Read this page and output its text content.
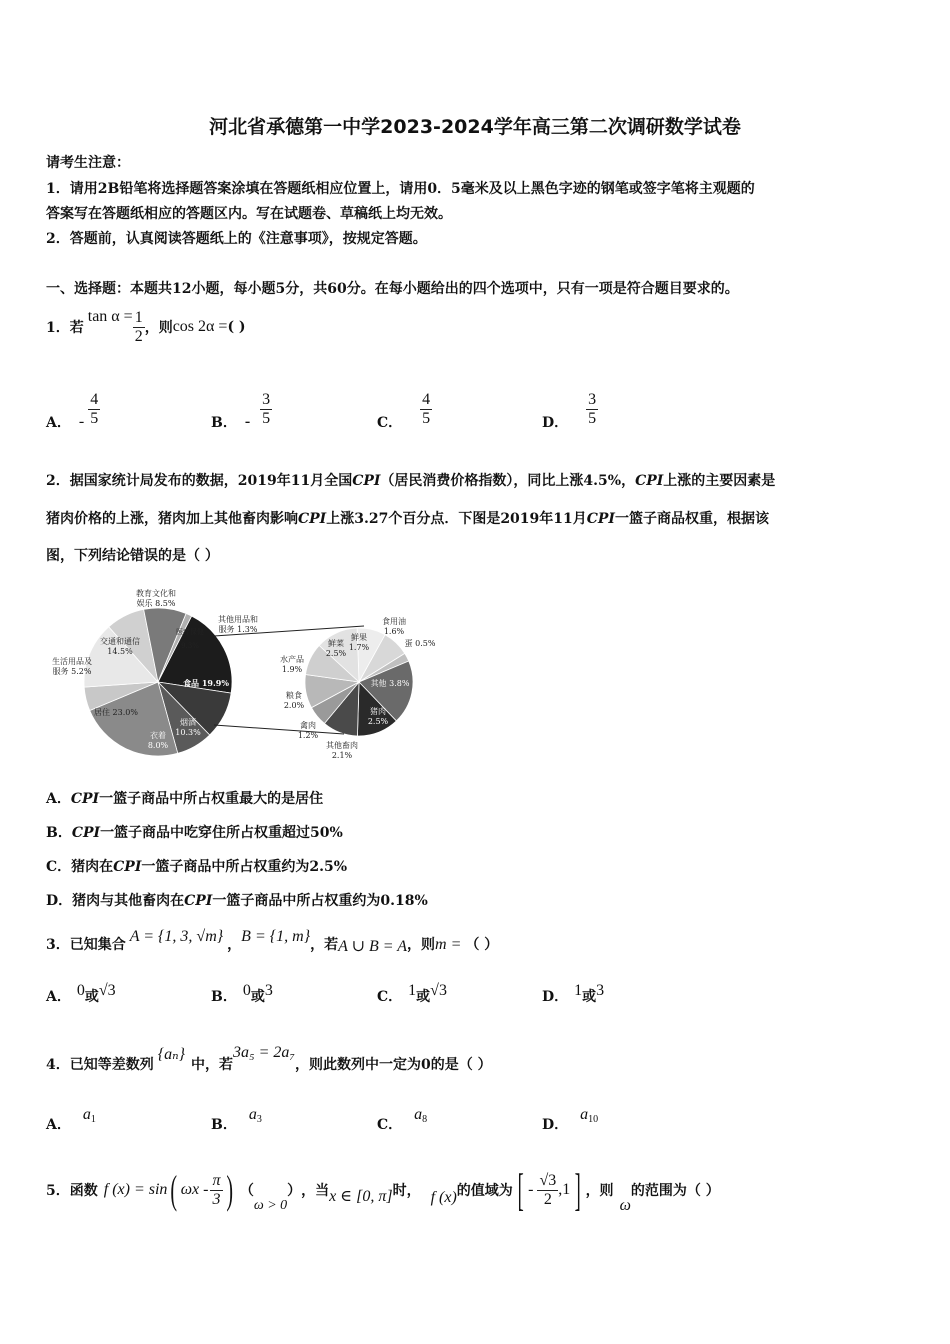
河北省承德第一中学2023-2024学年高三第二次调研数学试卷
请考生注意：
1．请用2B铅笔将选择题答案涂填在答题纸相应位置上，请用0．5毫米及以上黑色字迹的钢笔或签字笔将主观题的
答案写在答题纸相应的答题区内。写在试题卷、草稿纸上均无效。
2．答题前，认真阅读答题纸上的《注意事项》，按规定答题。
一、选择题：本题共12小题，每小题5分，共60分。在每小题给出的四个选项中，只有一项是符合题目要求的。
1．若
$\tan \alpha = \frac{1}{2}$ ，则 cos 2α = ( )
A． - $\frac{4}{5}$	B． - $\frac{3}{5}$	C． $\frac{4}{5}$	D． $\frac{3}{5}$
2．据国家统计局发布的数据，2019年11月全国CPI（居民消费价格指数），同比上涨4.5%，CPI上涨的主要因素是
猪肉价格的上涨，猪肉加上其他畜肉影响CPI上涨3.27个百分点．下图是2019年11月CPI一篮子商品权重，根据该
图，下列结论错误的是（ ）
教育文化和
娱乐 8.5%
其他用品和
服务 1.3%
医疗保健
9.3%
交通和通信
14.5%
生活用品及
服务 5.2%
食品 19.9%
居住 23.0%
烟酒
10.3%
衣着
8.0%
食用油
1.6%
鲜果
1.7%
鲜菜
2.5%
蛋 0.5%
水产品
1.9%
其他 3.8%
粮食
2.0%
猪肉
2.5%
禽肉
1.2%
其他畜肉
2.1%
A．CPI一篮子商品中所占权重最大的是居住
B．CPI一篮子商品中吃穿住所占权重超过50%
C．猪肉在CPI一篮子商品中所占权重约为2.5%
D．猪肉与其他畜肉在CPI一篮子商品中所占权重约为0.18%
3．已知集合 A = {1, 3, √m} ， B = {1, m} ，若 A ∪ B = A ，则 m = （ ）
A． 0或√3	B． 0或3	C． 1或√3	D． 1或3
4．已知等差数列
{aₙ}
中，若
3a₅ = 2a₇
，则此数列中一定为0的是（ ）
A．$a_1$	B．$a_3$	C．$a_8$	D．$a_{10}$
5．函数 f (x) = sin ( ωx - $\frac{\pi}{3}$ ) （
ω > 0
） ，当 x ∈ [0, π] 时， f (x) 的值域为 [ - $\frac{√3}{2} ,1$ ] ，则
ω
的范围为（ ）
